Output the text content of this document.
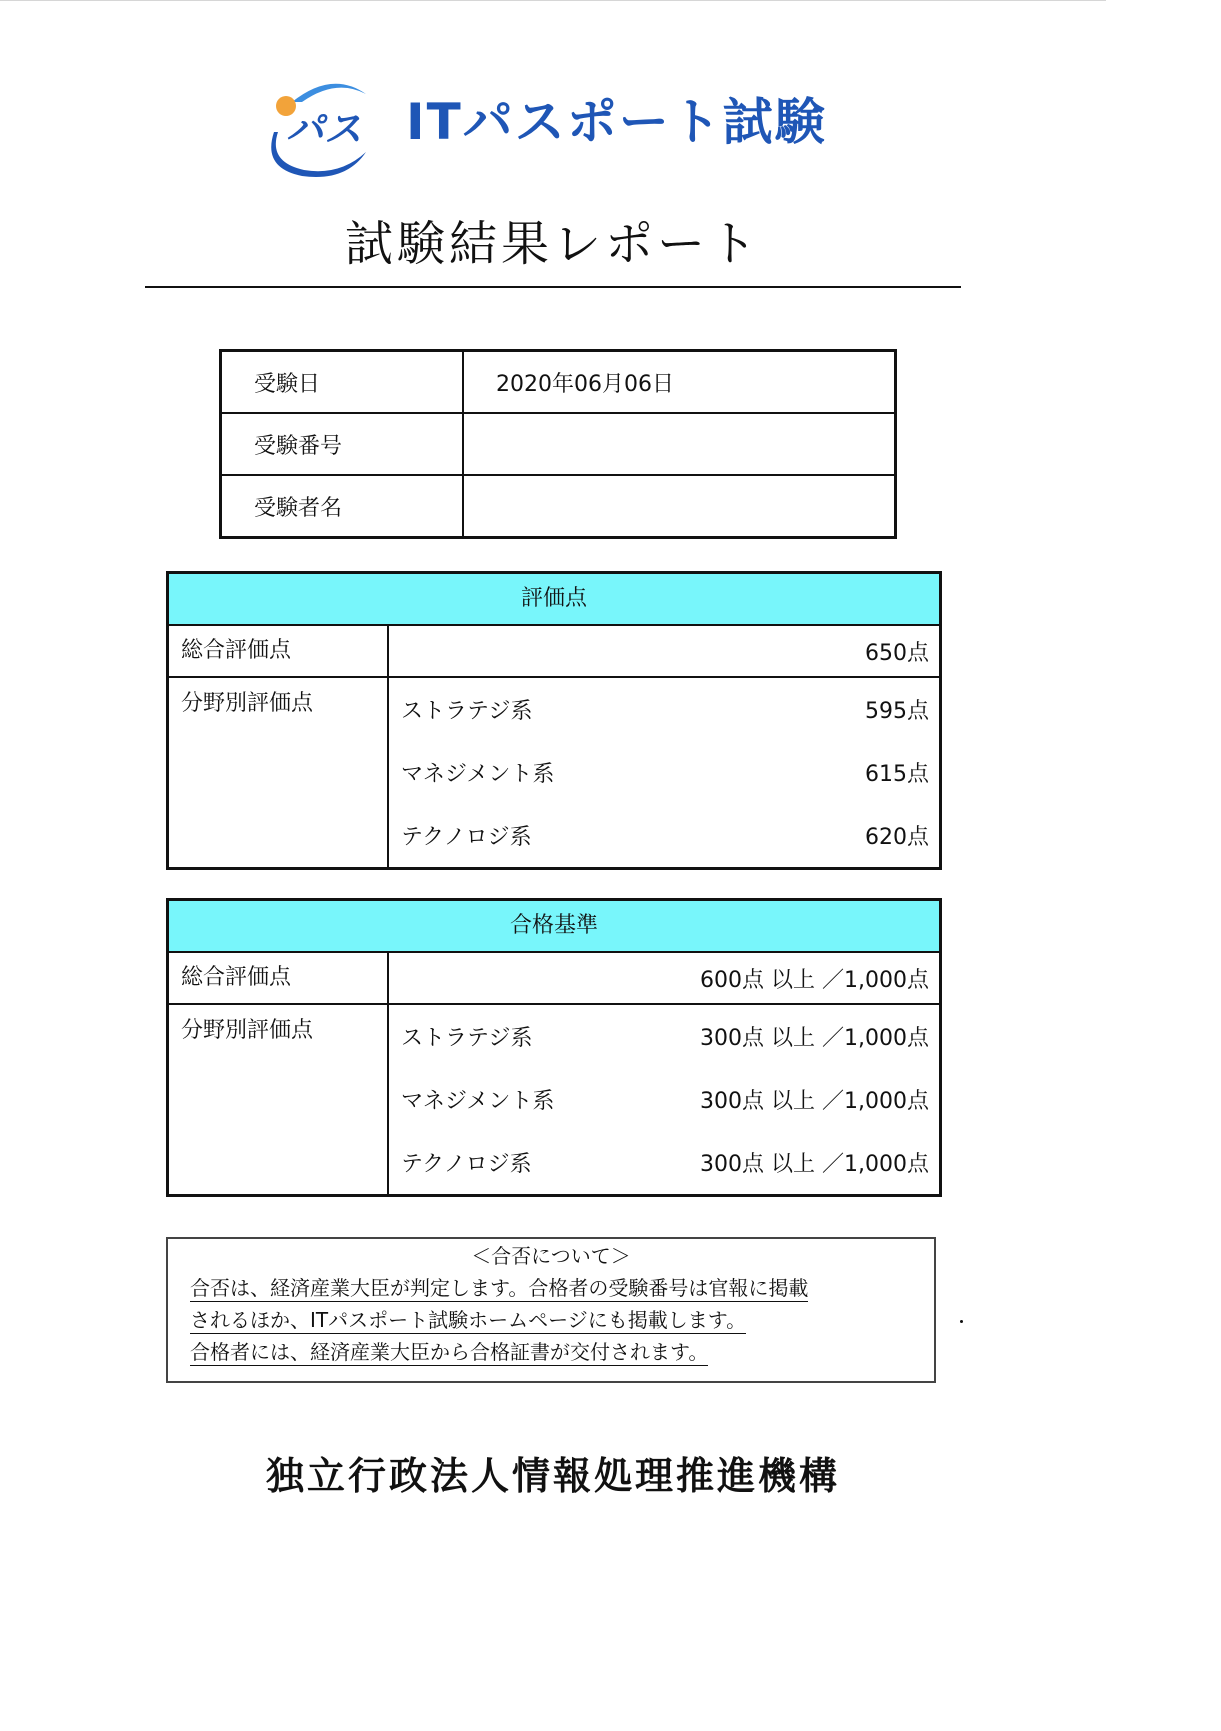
パス ITパスポート試験
試験結果レポート
受験日	2020年06月06日
受験番号	
受験者名	
評価点
総合評価点	650点
分野別評価点	ストラテジ系	595点
マネジメント系	615点
テクノロジ系	620点
合格基準
総合評価点	600点 以上 ／1,000点
分野別評価点	ストラテジ系	300点 以上 ／1,000点
マネジメント系	300点 以上 ／1,000点
テクノロジ系	300点 以上 ／1,000点
＜合否について＞
合否は、経済産業大臣が判定します。合格者の受験番号は官報に掲載
されるほか、ITパスポート試験ホームページにも掲載します。
合格者には、経済産業大臣から合格証書が交付されます。
独立行政法人情報処理推進機構
